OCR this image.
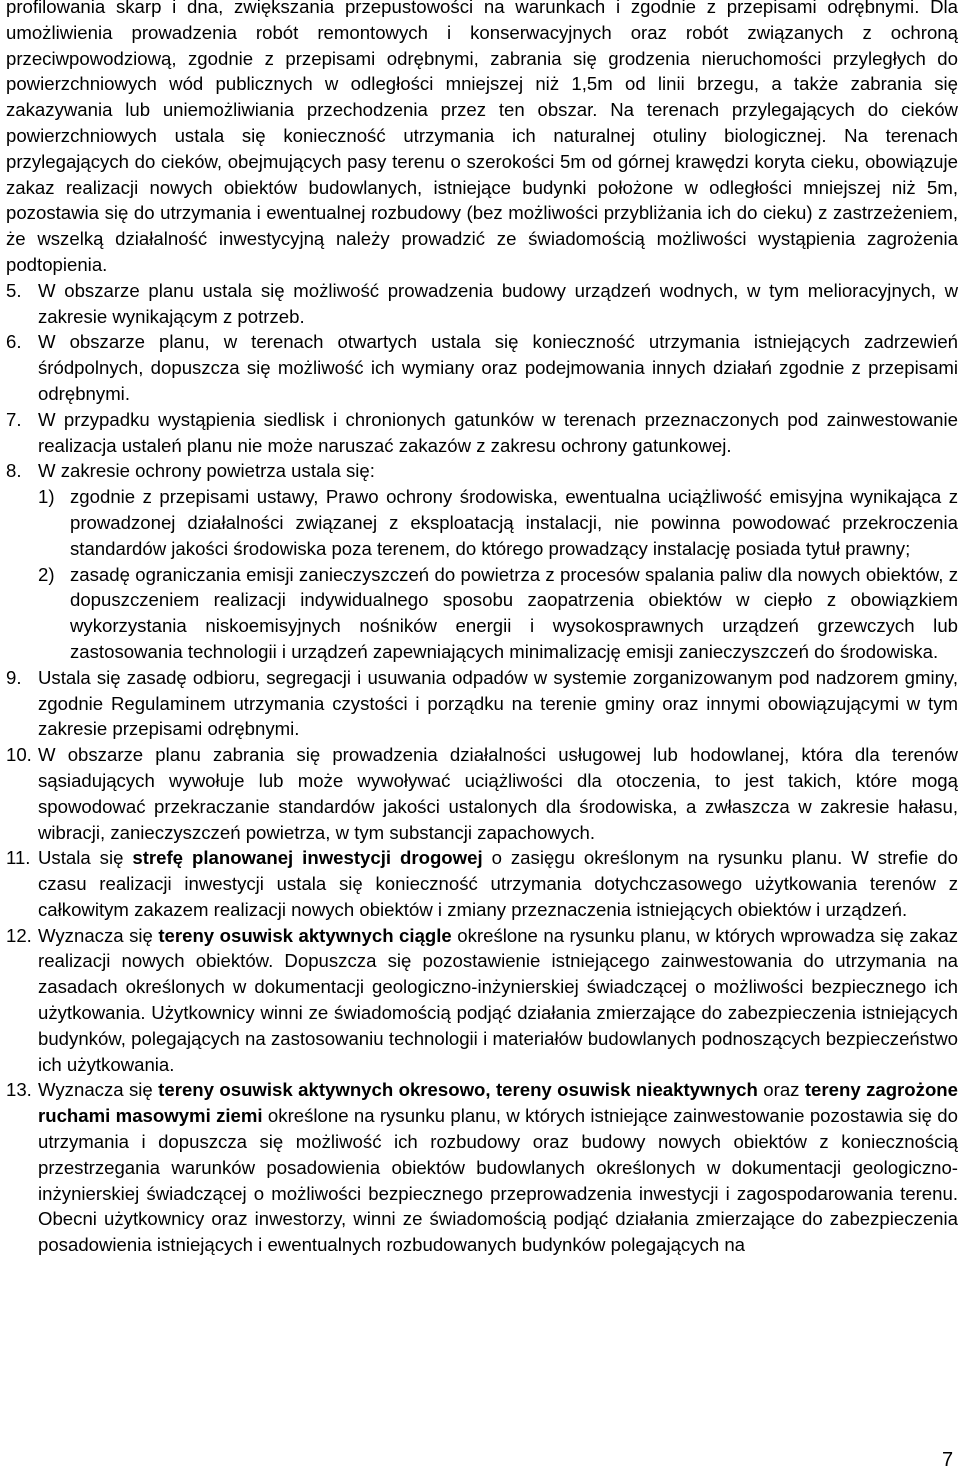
profilowania skarp i dna, zwiększania przepustowości na warunkach i zgodnie z przepisami odrębnymi. Dla umożliwienia prowadzenia robót remontowych i konserwacyjnych oraz robót związanych z ochroną przeciwpowodziową, zgodnie z przepisami odrębnymi, zabrania się grodzenia nieruchomości przyległych do powierzchniowych wód publicznych w odległości mniejszej niż 1,5m od linii brzegu, a także zabrania się zakazywania lub uniemożliwiania przechodzenia przez ten obszar. Na terenach przylegających do cieków powierzchniowych ustala się konieczność utrzymania ich naturalnej otuliny biologicznej. Na terenach przylegających do cieków, obejmujących pasy terenu o szerokości 5m od górnej krawędzi koryta cieku, obowiązuje zakaz realizacji nowych obiektów budowlanych, istniejące budynki położone w odległości mniejszej niż 5m, pozostawia się do utrzymania i ewentualnej rozbudowy (bez możliwości przybliżania ich do cieku) z zastrzeżeniem, że wszelką działalność inwestycyjną należy prowadzić ze świadomością możliwości wystąpienia zagrożenia podtopienia.

5. W obszarze planu ustala się możliwość prowadzenia budowy urządzeń wodnych, w tym melioracyjnych, w zakresie wynikającym z potrzeb.
6. W obszarze planu, w terenach otwartych ustala się konieczność utrzymania istniejących zadrzewień śródpolnych, dopuszcza się możliwość ich wymiany oraz podejmowania innych działań zgodnie z przepisami odrębnymi.
7. W przypadku wystąpienia siedlisk i chronionych gatunków w terenach przeznaczonych pod zainwestowanie realizacja ustaleń planu nie może naruszać zakazów z zakresu ochrony gatunkowej.
8. W zakresie ochrony powietrza ustala się:
1) zgodnie z przepisami ustawy, Prawo ochrony środowiska, ewentualna uciążliwość emisyjna wynikająca z prowadzonej działalności związanej z eksploatacją instalacji, nie powinna powodować przekroczenia standardów jakości środowiska poza terenem, do którego prowadzący instalację posiada tytuł prawny;
2) zasadę ograniczania emisji zanieczyszczeń do powietrza z procesów spalania paliw dla nowych obiektów, z dopuszczeniem realizacji indywidualnego sposobu zaopatrzenia obiektów w ciepło z obowiązkiem wykorzystania niskoemisyjnych nośników energii i wysokosprawnych urządzeń grzewczych lub zastosowania technologii i urządzeń zapewniających minimalizację emisji zanieczyszczeń do środowiska.
9. Ustala się zasadę odbioru, segregacji i usuwania odpadów w systemie zorganizowanym pod nadzorem gminy, zgodnie Regulaminem utrzymania czystości i porządku na terenie gminy oraz innymi obowiązującymi w tym zakresie przepisami odrębnymi.
10. W obszarze planu zabrania się prowadzenia działalności usługowej lub hodowlanej, która dla terenów sąsiadujących wywołuje lub może wywoływać uciążliwości dla otoczenia, to jest takich, które mogą spowodować przekraczanie standardów jakości ustalonych dla środowiska, a zwłaszcza w zakresie hałasu, wibracji, zanieczyszczeń powietrza, w tym substancji zapachowych.
11. Ustala się strefę planowanej inwestycji drogowej o zasięgu określonym na rysunku planu. W strefie do czasu realizacji inwestycji ustala się konieczność utrzymania dotychczasowego użytkowania terenów z całkowitym zakazem realizacji nowych obiektów i zmiany przeznaczenia istniejących obiektów i urządzeń.
12. Wyznacza się tereny osuwisk aktywnych ciągle określone na rysunku planu, w których wprowadza się zakaz realizacji nowych obiektów. Dopuszcza się pozostawienie istniejącego zainwestowania do utrzymania na zasadach określonych w dokumentacji geologiczno-inżynierskiej świadczącej o możliwości bezpiecznego ich użytkowania. Użytkownicy winni ze świadomością podjąć działania zmierzające do zabezpieczenia istniejących budynków, polegających na zastosowaniu technologii i materiałów budowlanych podnoszących bezpieczeństwo ich użytkowania.
13. Wyznacza się tereny osuwisk aktywnych okresowo, tereny osuwisk nieaktywnych oraz tereny zagrożone ruchami masowymi ziemi określone na rysunku planu, w których istniejące zainwestowanie pozostawia się do utrzymania i dopuszcza się możliwość ich rozbudowy oraz budowy nowych obiektów z koniecznością przestrzegania warunków posadowienia obiektów budowlanych określonych w dokumentacji geologiczno-inżynierskiej świadczącej o możliwości bezpiecznego przeprowadzenia inwestycji i zagospodarowania terenu. Obecni użytkownicy oraz inwestorzy, winni ze świadomością podjąć działania zmierzające do zabezpieczenia posadowienia istniejących i ewentualnych rozbudowanych budynków polegających na
7
